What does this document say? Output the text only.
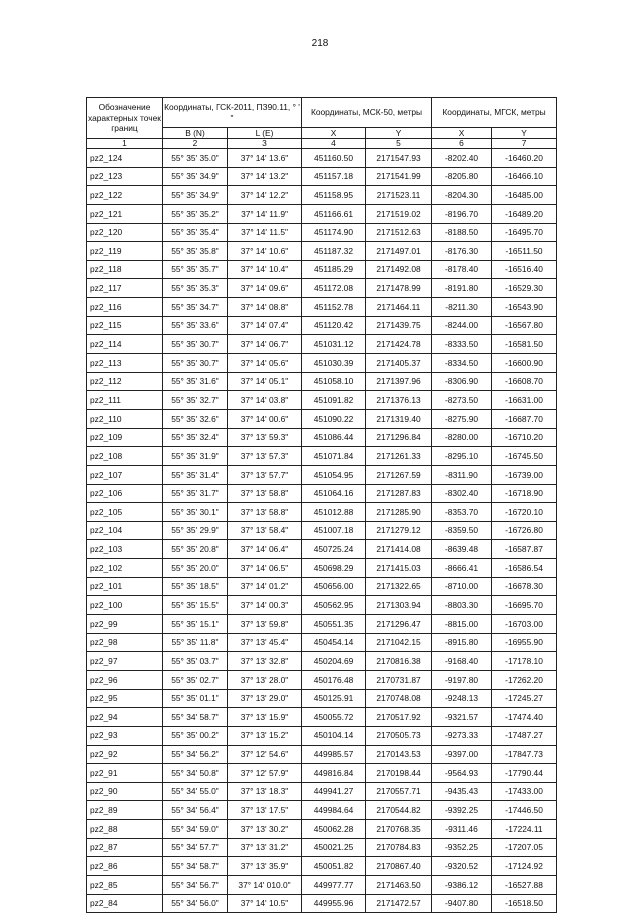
218
Обозначение характерных точек границ	Координаты, ГСК-2011, ПЗ90.11, ° ' "		Координаты, МСК-50, метры		Координаты, МГСК, метры	
	B (N)	L (E)	X	Y	X	Y
1	2	3	4	5	6	7
pz2_124	55° 35' 35.0"	37° 14' 13.6"	451160.50	2171547.93	-8202.40	-16460.20
pz2_123	55° 35' 34.9"	37° 14' 13.2"	451157.18	2171541.99	-8205.80	-16466.10
pz2_122	55° 35' 34.9"	37° 14' 12.2"	451158.95	2171523.11	-8204.30	-16485.00
pz2_121	55° 35' 35.2"	37° 14' 11.9"	451166.61	2171519.02	-8196.70	-16489.20
pz2_120	55° 35' 35.4"	37° 14' 11.5"	451174.90	2171512.63	-8188.50	-16495.70
pz2_119	55° 35' 35.8"	37° 14' 10.6"	451187.32	2171497.01	-8176.30	-16511.50
pz2_118	55° 35' 35.7"	37° 14' 10.4"	451185.29	2171492.08	-8178.40	-16516.40
pz2_117	55° 35' 35.3"	37° 14' 09.6"	451172.08	2171478.99	-8191.80	-16529.30
pz2_116	55° 35' 34.7"	37° 14' 08.8"	451152.78	2171464.11	-8211.30	-16543.90
pz2_115	55° 35' 33.6"	37° 14' 07.4"	451120.42	2171439.75	-8244.00	-16567.80
pz2_114	55° 35' 30.7"	37° 14' 06.7"	451031.12	2171424.78	-8333.50	-16581.50
pz2_113	55° 35' 30.7"	37° 14' 05.6"	451030.39	2171405.37	-8334.50	-16600.90
pz2_112	55° 35' 31.6"	37° 14' 05.1"	451058.10	2171397.96	-8306.90	-16608.70
pz2_111	55° 35' 32.7"	37° 14' 03.8"	451091.82	2171376.13	-8273.50	-16631.00
pz2_110	55° 35' 32.6"	37° 14' 00.6"	451090.22	2171319.40	-8275.90	-16687.70
pz2_109	55° 35' 32.4"	37° 13' 59.3"	451086.44	2171296.84	-8280.00	-16710.20
pz2_108	55° 35' 31.9"	37° 13' 57.3"	451071.84	2171261.33	-8295.10	-16745.50
pz2_107	55° 35' 31.4"	37° 13' 57.7"	451054.95	2171267.59	-8311.90	-16739.00
pz2_106	55° 35' 31.7"	37° 13' 58.8"	451064.16	2171287.83	-8302.40	-16718.90
pz2_105	55° 35' 30.1"	37° 13' 58.8"	451012.88	2171285.90	-8353.70	-16720.10
pz2_104	55° 35' 29.9"	37° 13' 58.4"	451007.18	2171279.12	-8359.50	-16726.80
pz2_103	55° 35' 20.8"	37° 14' 06.4"	450725.24	2171414.08	-8639.48	-16587.87
pz2_102	55° 35' 20.0"	37° 14' 06.5"	450698.29	2171415.03	-8666.41	-16586.54
pz2_101	55° 35' 18.5"	37° 14' 01.2"	450656.00	2171322.65	-8710.00	-16678.30
pz2_100	55° 35' 15.5"	37° 14' 00.3"	450562.95	2171303.94	-8803.30	-16695.70
pz2_99	55° 35' 15.1"	37° 13' 59.8"	450551.35	2171296.47	-8815.00	-16703.00
pz2_98	55° 35' 11.8"	37° 13' 45.4"	450454.14	2171042.15	-8915.80	-16955.90
pz2_97	55° 35' 03.7"	37° 13' 32.8"	450204.69	2170816.38	-9168.40	-17178.10
pz2_96	55° 35' 02.7"	37° 13' 28.0"	450176.48	2170731.87	-9197.80	-17262.20
pz2_95	55° 35' 01.1"	37° 13' 29.0"	450125.91	2170748.08	-9248.13	-17245.27
pz2_94	55° 34' 58.7"	37° 13' 15.9"	450055.72	2170517.92	-9321.57	-17474.40
pz2_93	55° 35' 00.2"	37° 13' 15.2"	450104.14	2170505.73	-9273.33	-17487.27
pz2_92	55° 34' 56.2"	37° 12' 54.6"	449985.57	2170143.53	-9397.00	-17847.73
pz2_91	55° 34' 50.8"	37° 12' 57.9"	449816.84	2170198.44	-9564.93	-17790.44
pz2_90	55° 34' 55.0"	37° 13' 18.3"	449941.27	2170557.71	-9435.43	-17433.00
pz2_89	55° 34' 56.4"	37° 13' 17.5"	449984.64	2170544.82	-9392.25	-17446.50
pz2_88	55° 34' 59.0"	37° 13' 30.2"	450062.28	2170768.35	-9311.46	-17224.11
pz2_87	55° 34' 57.7"	37° 13' 31.2"	450021.25	2170784.83	-9352.25	-17207.05
pz2_86	55° 34' 58.7"	37° 13' 35.9"	450051.82	2170867.40	-9320.52	-17124.92
pz2_85	55° 34' 56.7"	37° 14' 010.0"	449977.77	2171463.50	-9386.12	-16527.88
pz2_84	55° 34' 56.0"	37° 14' 10.5"	449955.96	2171472.57	-9407.80	-16518.50
